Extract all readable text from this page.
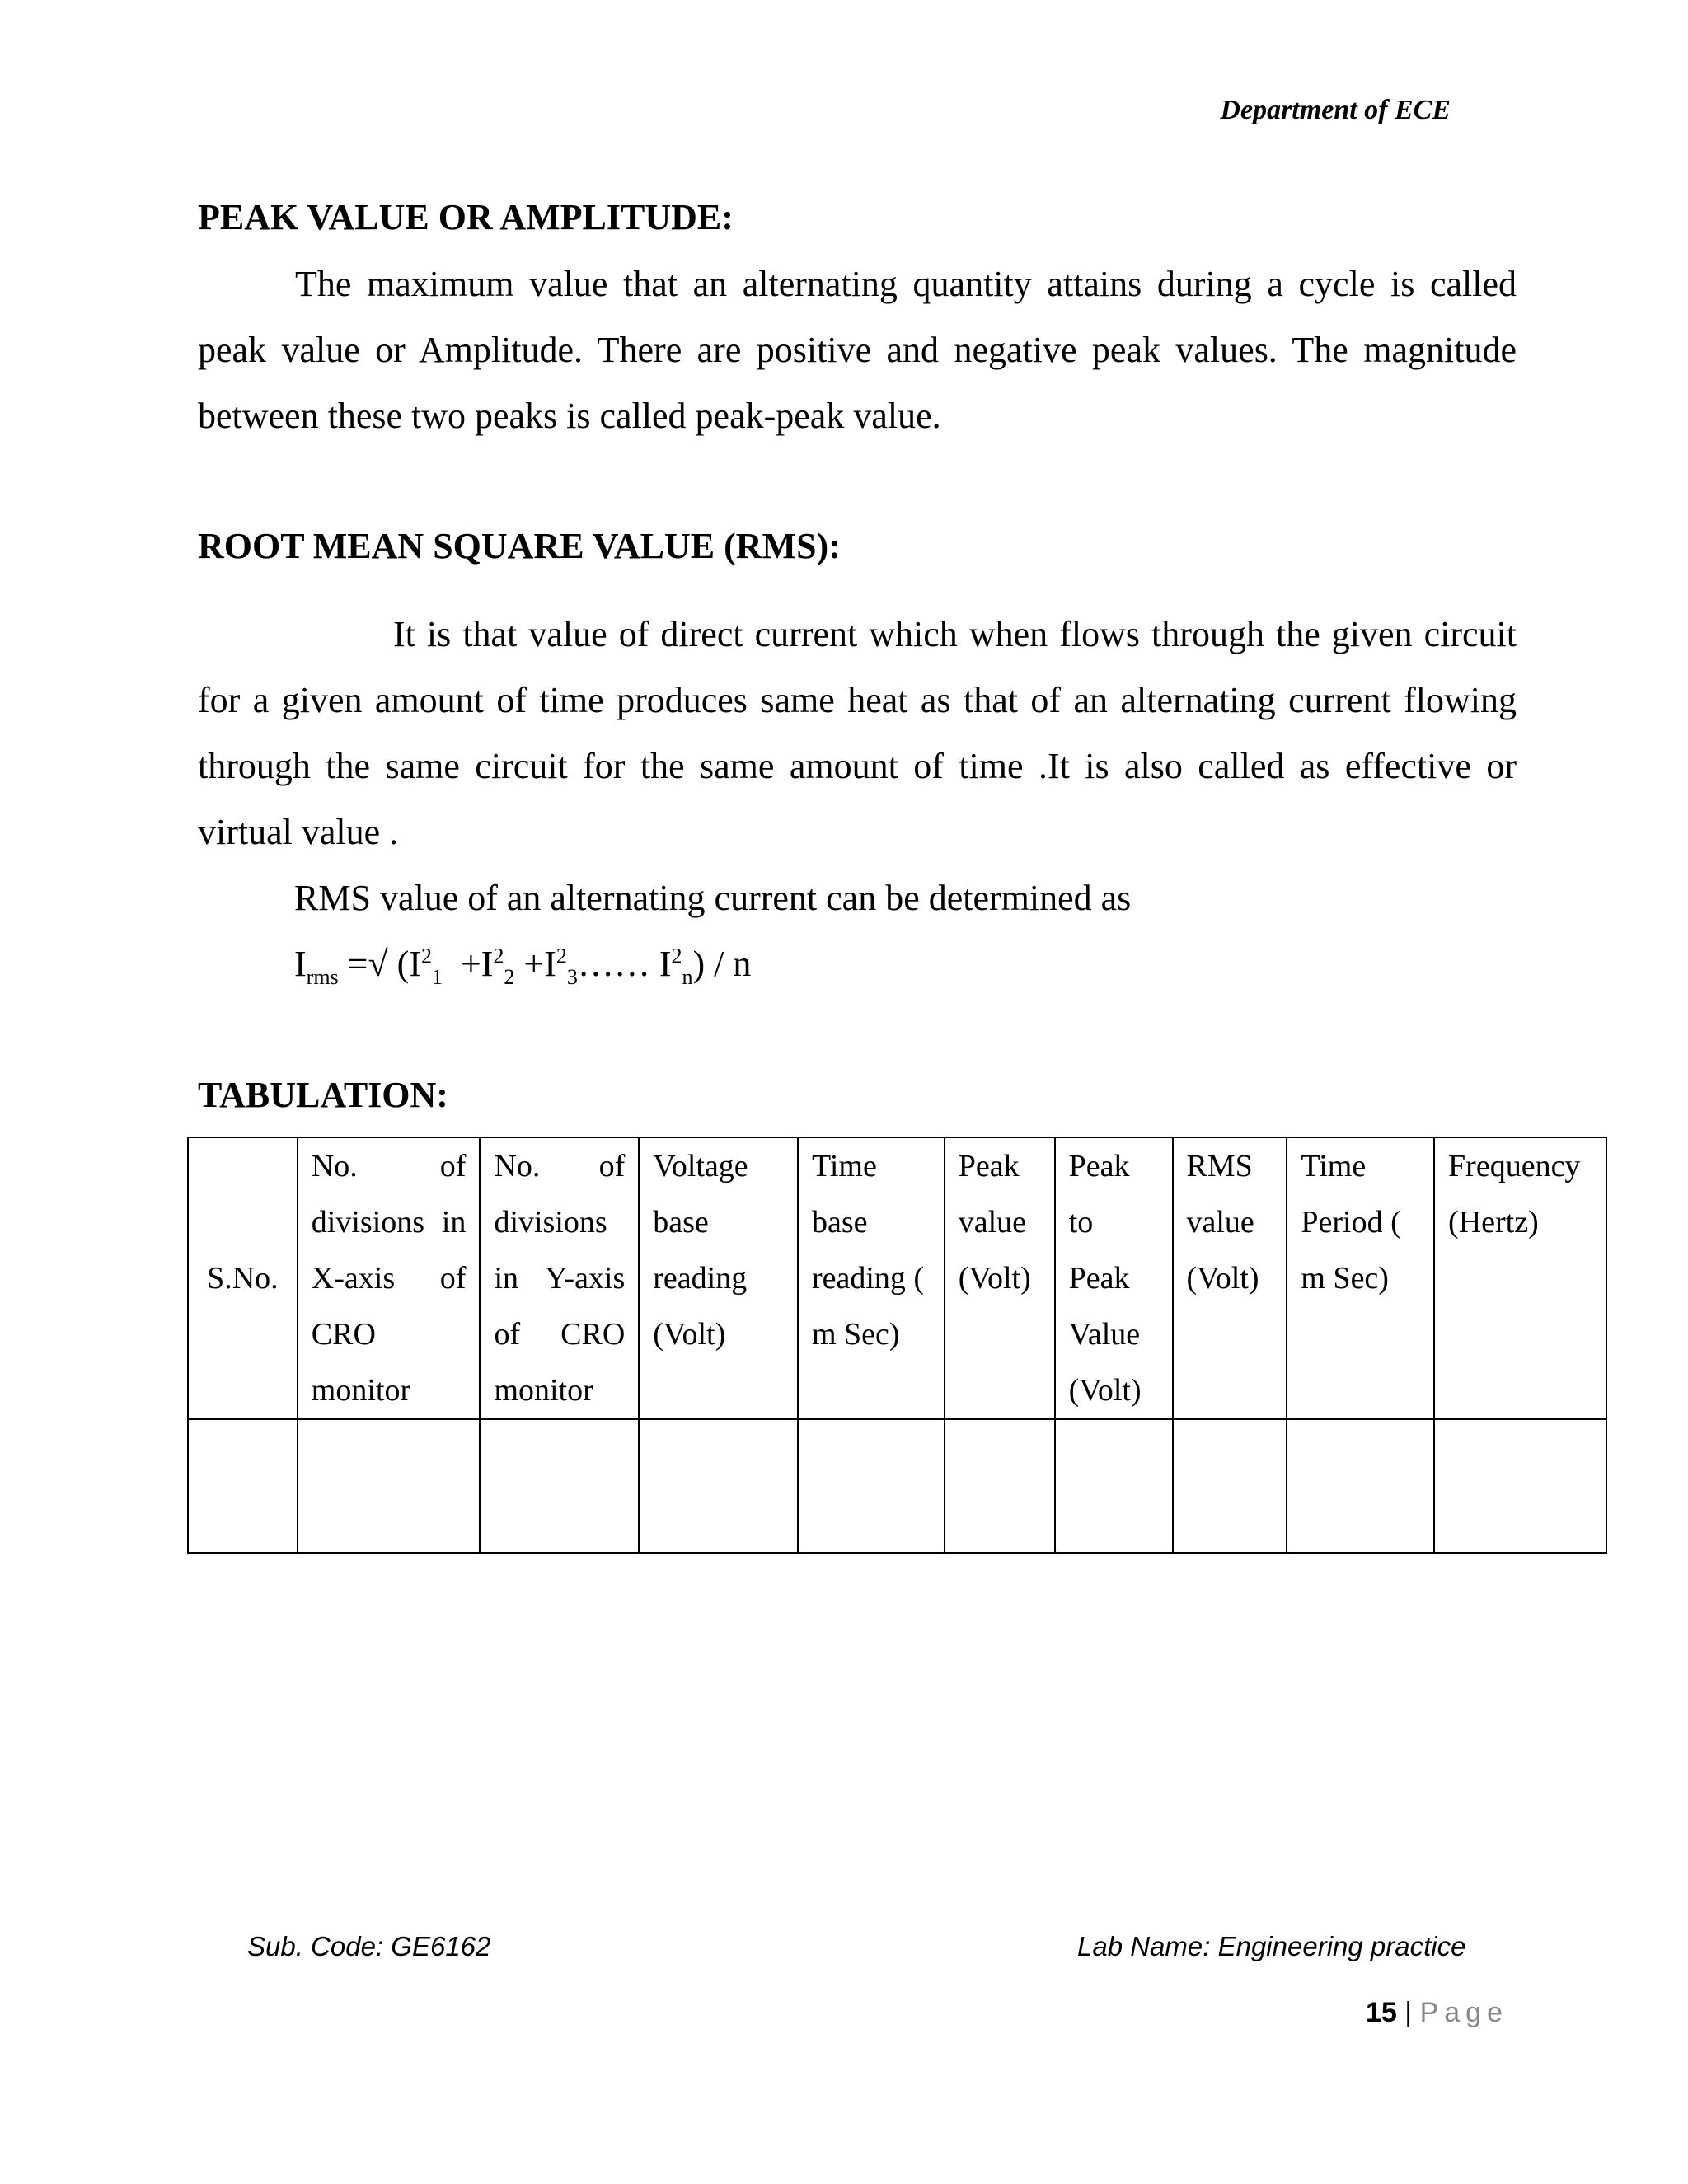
Department of ECE
PEAK VALUE OR AMPLITUDE:

The maximum value that an alternating quantity attains during a cycle is called peak value or Amplitude. There are positive and negative peak values. The magnitude between these two peaks is called peak-peak value.

ROOT MEAN SQUARE VALUE (RMS):

It is that value of direct current which when flows through the given circuit for a given amount of time produces same heat as that of an alternating current flowing through the same circuit for the same amount of time .It is also called as effective or virtual value .

RMS value of an alternating current can be determined as
$I_{rms}$ =√ ($I^2_1 +I^2_2$ $+I^2_3\dots\dots$ $I^2_n$) / n
TABULATION:
S.No.	No. of divisions in X-axis of CRO monitor	No. of divisions in Y-axis of CRO monitor	Voltage base reading (Volt)	Time base reading ( m Sec)	Peak value (Volt)	Peak to Peak Value (Volt)	RMS value (Volt)	Time Period ( m Sec)	Frequency (Hertz)

Sub. Code: GE6162	Lab Name: Engineering practice
15 | Page
